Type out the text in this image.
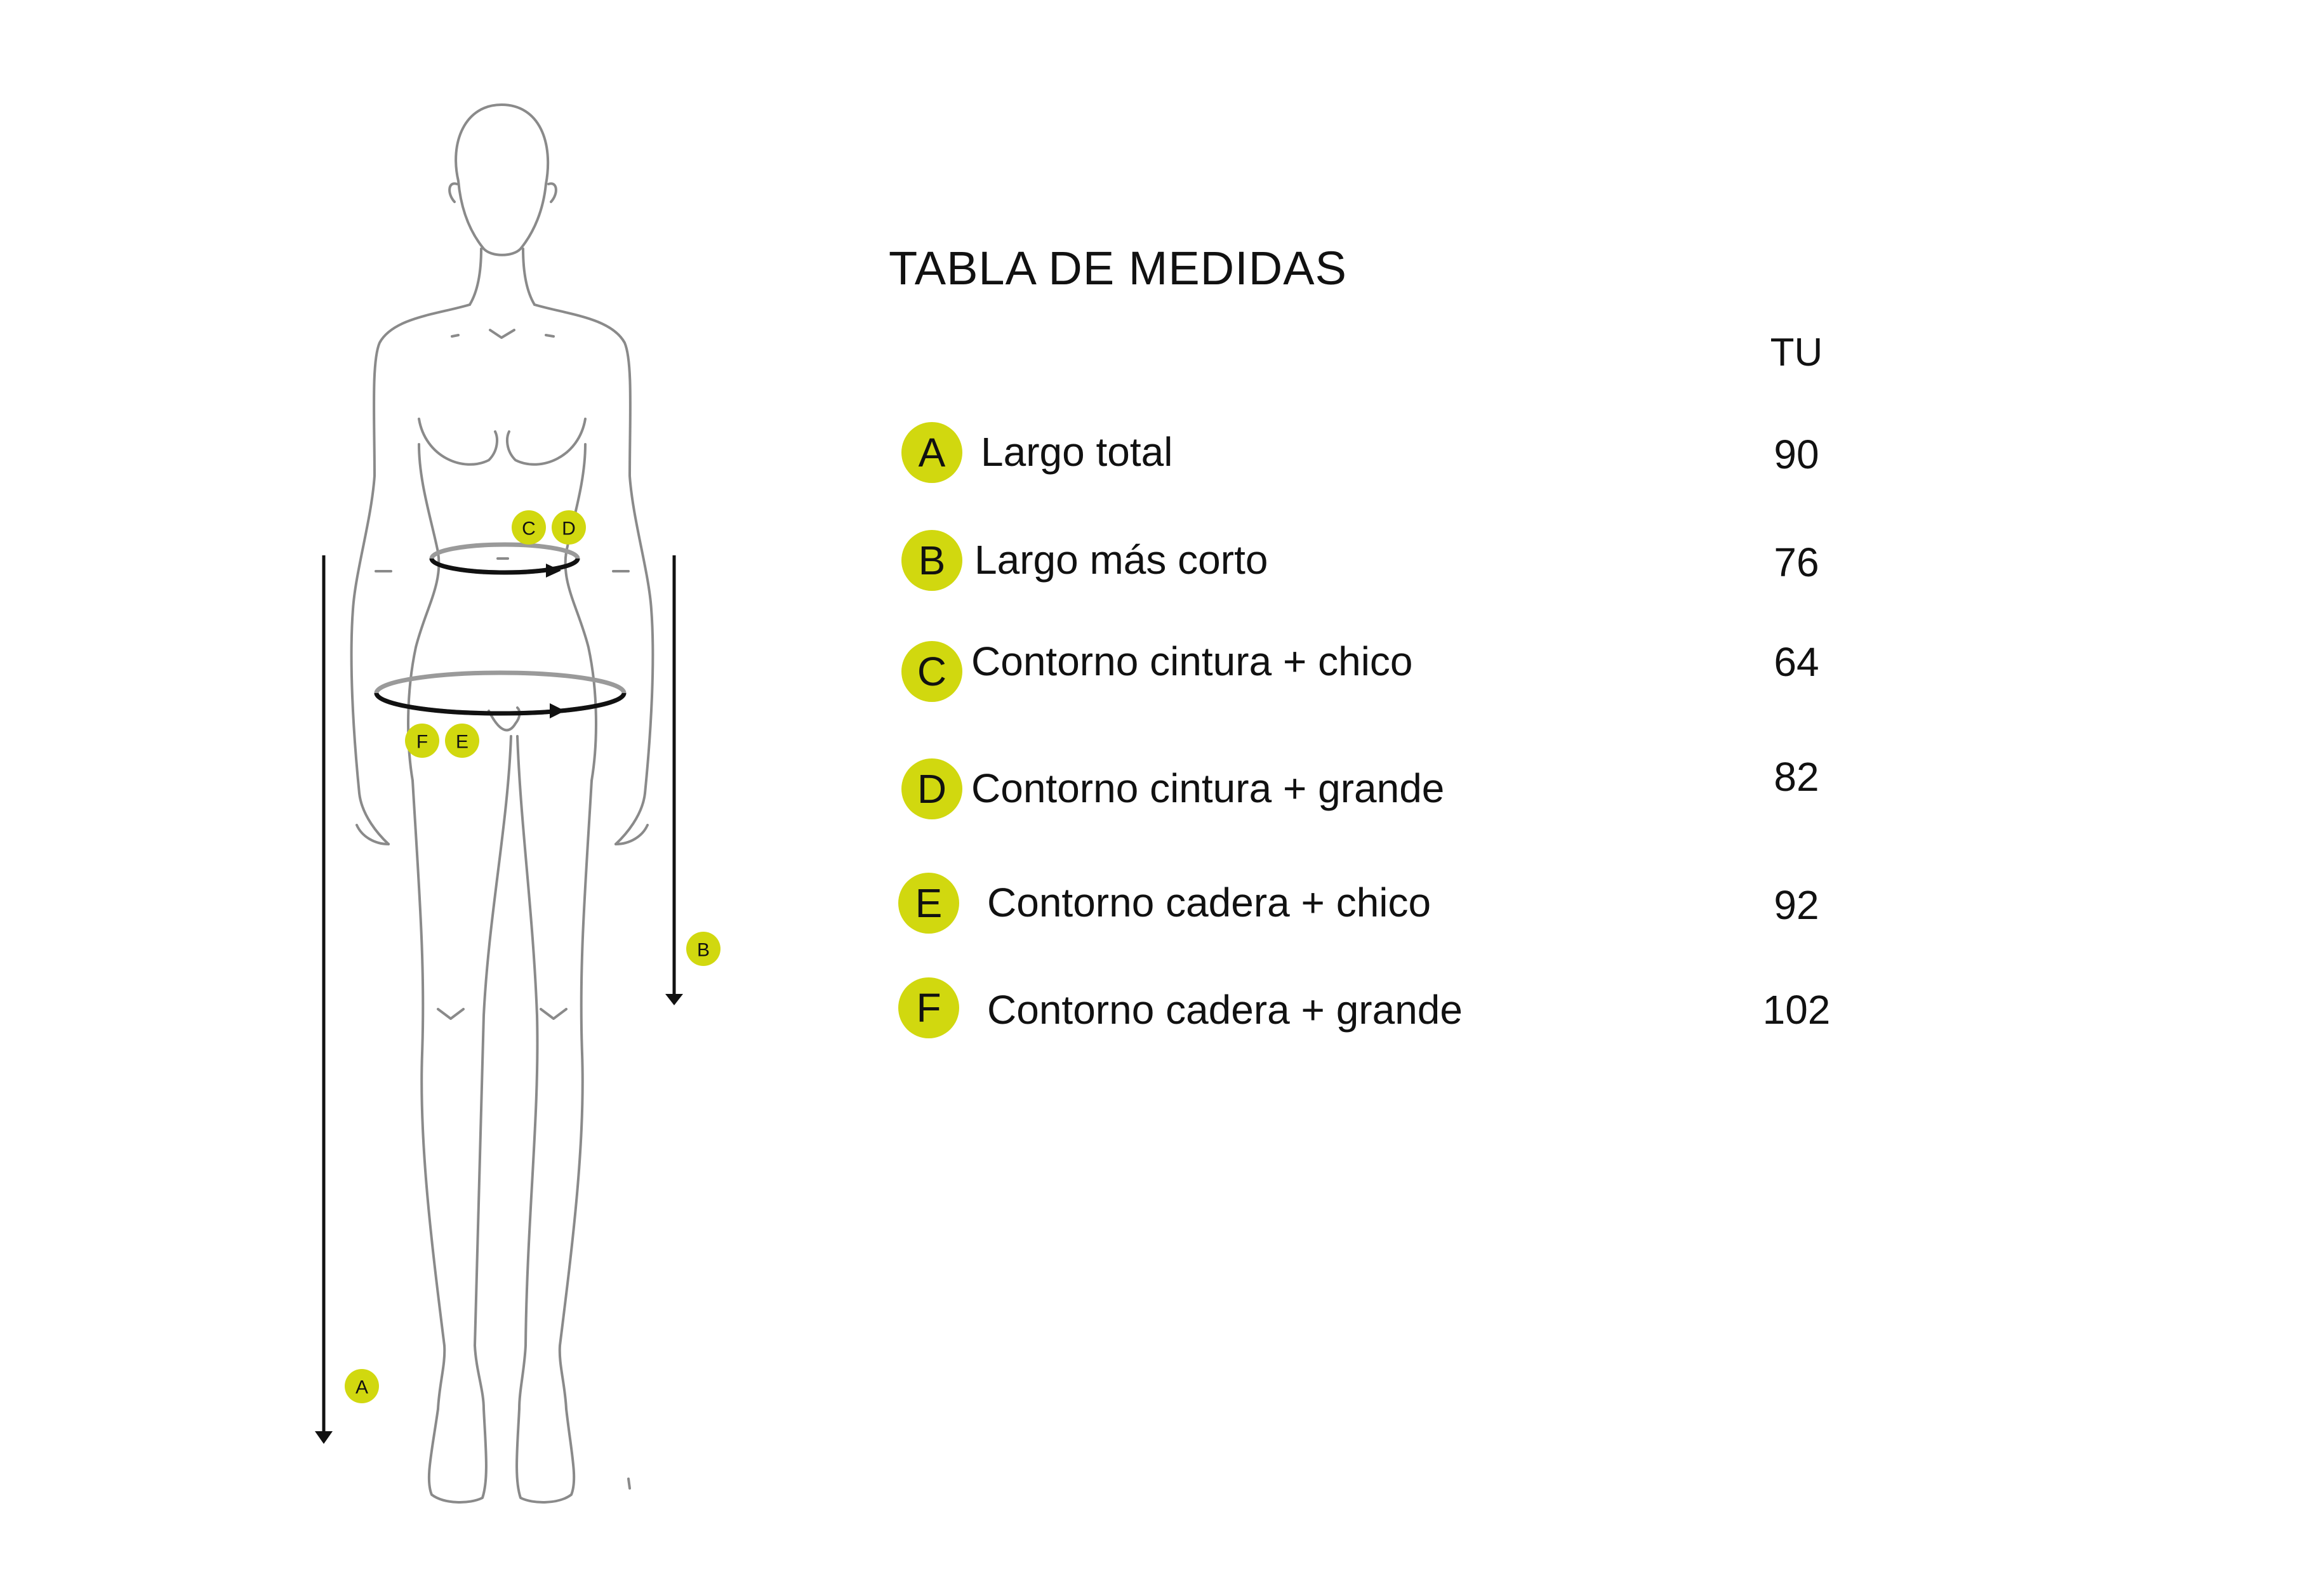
A
B
C D
F E
TABLA DE MEDIDAS
TU
A Largo total	90
B Largo más corto	76
C Contorno cintura + chico	64
D Contorno cintura + grande	82
E	Contorno cadera + chico	92
F	Contorno cadera + grande	102
